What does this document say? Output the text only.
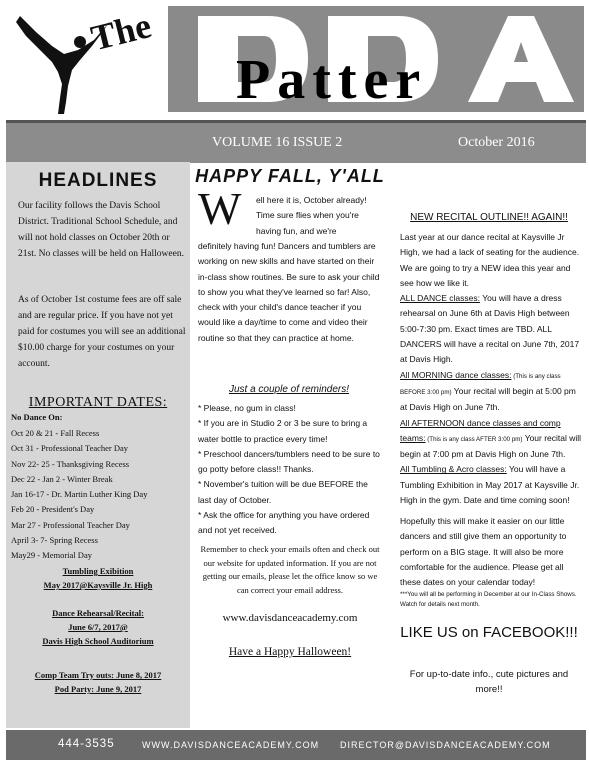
The
Patter
VOLUME 16 ISSUE 2	October 2016
HEADLINES
Our facility follows the Davis School District. Traditional School Schedule, and will not hold classes on October 20th or 21st. No classes will be held on Halloween.
As of October 1st costume fees are off sale and are regular price. If you have not yet paid for costumes you will see an additional $10.00 charge for your costumes on your account.
IMPORTANT DATES:
No Dance On:
Oct 20 & 21 - Fall Recess
Oct 31 - Professional Teacher Day
Nov 22- 25 - Thanksgiving Recess
Dec 22 - Jan 2 - Winter Break
Jan 16-17 - Dr. Martin Luther King Day
Feb 20 - President's Day
Mar 27 - Professional Teacher Day
April 3- 7- Spring Recess
May29 - Memorial Day
Tumbling Exibition
May 2017@Kaysville Jr. High
Dance Rehearsal/Recital:
June 6/7, 2017@
Davis High School Auditorium
Comp Team Try outs: June 8, 2017
Pod Party: June 9, 2017
HAPPY FALL, Y'ALL
W ell here it is, October already! Time sure flies when you're having fun, and we're
definitely having fun! Dancers and tumblers are working on new skills and have started on their in-class show routines. Be sure to ask your child to show you what they've learned so far! Also, check with your child's dance teacher if you would like a day/time to come and video their routine so that they can practice at home.
Just a couple of reminders!
* Please, no gum in class!
* If you are in Studio 2 or 3 be sure to bring a water bottle to practice every time!
* Preschool dancers/tumblers need to be sure to go potty before class!! Thanks.
* November's tuition will be due BEFORE the last day of October.
* Ask the office for anything you have ordered and not yet received.
Remember to check your emails often and check out our website for updated information. If you are not getting our emails, please let the office know so we can correct your email address.
www.davisdanceacademy.com
Have a Happy Halloween!
NEW RECITAL OUTLINE!! AGAIN!!
Last year at our dance recital at Kaysville Jr High, we had a lack of seating for the audience. We are going to try a NEW idea this year and see how we like it.
ALL DANCE classes: You will have a dress rehearsal on June 6th at Davis High between 5:00-7:30 pm. Exact times are TBD. ALL DANCERS will have a recital on June 7th, 2017 at Davis High.
All MORNING dance classes: (This is any class BEFORE 3:00 pm) Your recital will begin at 5:00 pm at Davis High on June 7th.
All AFTERNOON dance classes and comp teams: (This is any class AFTER 3:00 pm) Your recital will begin at 7:00 pm at Davis High on June 7th.
All Tumbling & Acro classes: You will have a Tumbling Exhibition in May 2017 at Kaysville Jr. High in the gym. Date and time coming soon!
Hopefully this will make it easier on our little dancers and still give them an opportunity to perform on a BIG stage. It will also be more comfortable for the audience. Please get all these dates on your calendar today!
***You will all be performing in December at our In-Class Shows. Watch for details next month.
LIKE US on FACEBOOK!!!
For up-to-date info., cute pictures and more!!
444-3535	WWW.DAVISDANCEACADEMY.COM DIRECTOR@DAVISDANCEACADEMY.COM
